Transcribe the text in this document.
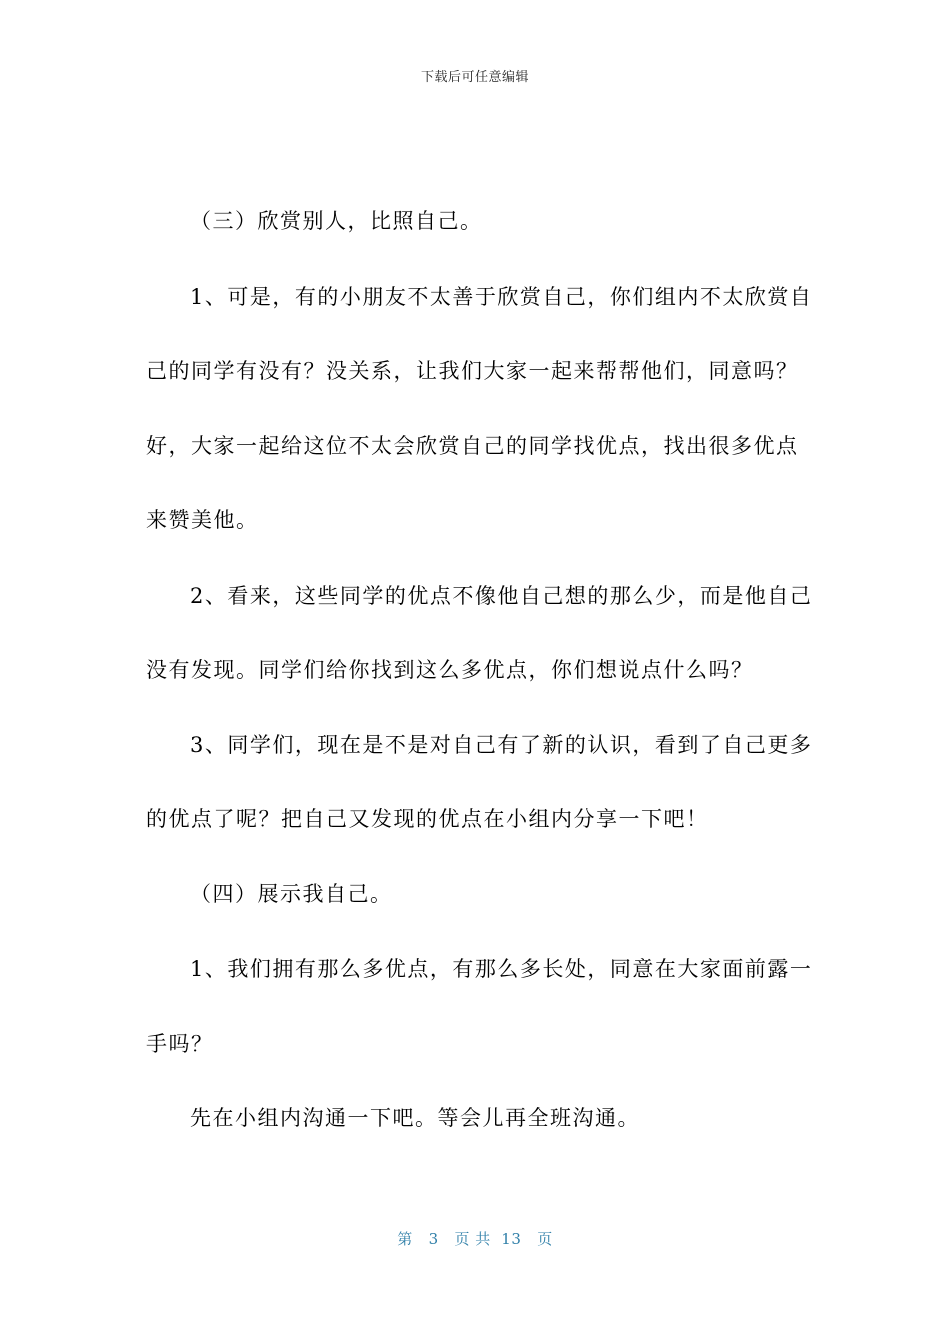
下载后可任意编辑
（三）欣赏别人，比照自己。
1、可是，有的小朋友不太善于欣赏自己，你们组内不太欣赏自
己的同学有没有？没关系，让我们大家一起来帮帮他们，同意吗？
好，大家一起给这位不太会欣赏自己的同学找优点，找出很多优点
来赞美他。
2、看来，这些同学的优点不像他自己想的那么少，而是他自己
没有发现。同学们给你找到这么多优点，你们想说点什么吗？
3、同学们，现在是不是对自己有了新的认识，看到了自己更多
的优点了呢？把自己又发现的优点在小组内分享一下吧！
（四）展示我自己。
1、我们拥有那么多优点，有那么多长处，同意在大家面前露一
手吗？
先在小组内沟通一下吧。等会儿再全班沟通。
第 3 页 共 13 页
